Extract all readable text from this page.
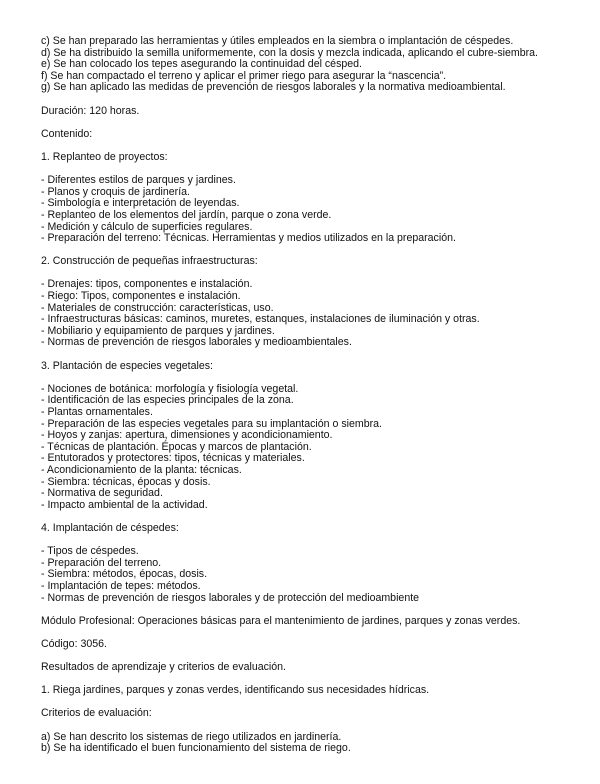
c) Se han preparado las herramientas y útiles empleados en la siembra o implantación de céspedes.
d) Se ha distribuido la semilla uniformemente, con la dosis y mezcla indicada, aplicando el cubre-siembra.
e) Se han colocado los tepes asegurando la continuidad del césped.
f) Se han compactado el terreno y aplicar el primer riego para asegurar la “nascencia”.
g) Se han aplicado las medidas de prevención de riesgos laborales y la normativa medioambiental.
Duración: 120 horas.
Contenido:
1. Replanteo de proyectos:
- Diferentes estilos de parques y jardines.
- Planos y croquis de jardinería.
- Simbología e interpretación de leyendas.
- Replanteo de los elementos del jardín, parque o zona verde.
- Medición y cálculo de superficies regulares.
- Preparación del terreno: Técnicas. Herramientas y medios utilizados en la preparación.
2. Construcción de pequeñas infraestructuras:
- Drenajes: tipos, componentes e instalación.
- Riego: Tipos, componentes e instalación.
- Materiales de construcción: características, uso.
- Infraestructuras básicas: caminos, muretes, estanques, instalaciones de iluminación y otras.
- Mobiliario y equipamiento de parques y jardines.
- Normas de prevención de riesgos laborales y medioambientales.
3. Plantación de especies vegetales:
- Nociones de botánica: morfología y fisiología vegetal.
- Identificación de las especies principales de la zona.
- Plantas ornamentales.
- Preparación de las especies vegetales para su implantación o siembra.
- Hoyos y zanjas: apertura, dimensiones y acondicionamiento.
- Técnicas de plantación. Épocas y marcos de plantación.
- Entutorados y protectores: tipos, técnicas y materiales.
- Acondicionamiento de la planta: técnicas.
- Siembra: técnicas, épocas y dosis.
- Normativa de seguridad.
- Impacto ambiental de la actividad.
4. Implantación de céspedes:
- Tipos de céspedes.
- Preparación del terreno.
- Siembra: métodos, épocas, dosis.
- Implantación de tepes: métodos.
- Normas de prevención de riesgos laborales y de protección del medioambiente
Módulo Profesional: Operaciones básicas para el mantenimiento de jardines, parques y zonas verdes.
Código: 3056.
Resultados de aprendizaje y criterios de evaluación.
1. Riega jardines, parques y zonas verdes, identificando sus necesidades hídricas.
Criterios de evaluación:
a) Se han descrito los sistemas de riego utilizados en jardinería.
b) Se ha identificado el buen funcionamiento del sistema de riego.
